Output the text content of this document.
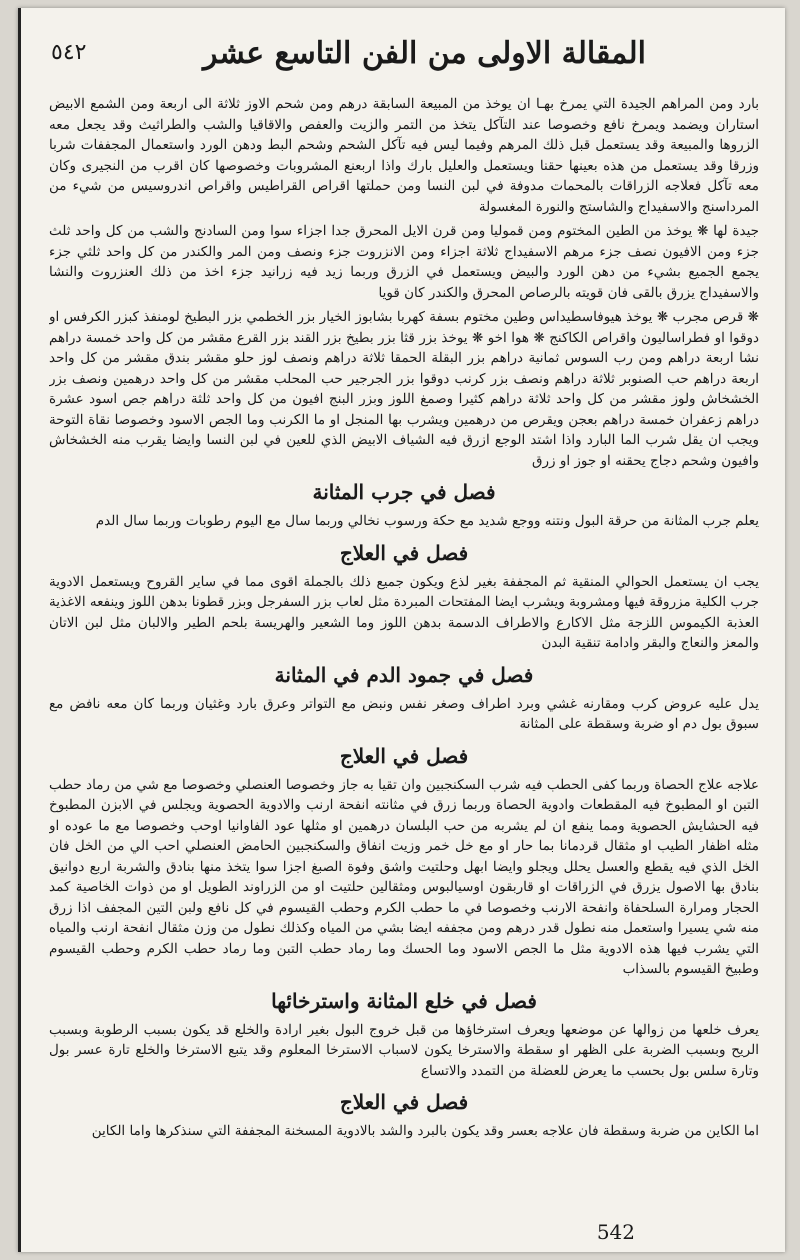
المقالة الاولى من الفن التاسع عشر
٥٤٢

بارد ومن المراهم الجيدة التي يمرخ بهـا ان يوخذ من المبيعة السابقة درهم ومن شحم الاوز ثلاثة الى اربعة ومن الشمع الابيض استاران ويضمد ويمرخ نافع وخصوصا عند التآكل يتخذ من التمر والزيت والعفص والاقاقيا والشب والطراثيث وقد يجعل معه الزروها والمبيعة وقد يستعمل قبل ذلك المرهم وفيما ليس فيه تآكل الشحم وشحم البط ودهن الورد واستعمال المجففات شربا وزرقا وقد يستعمل من هذه بعينها حقنا ويستعمل والعليل بارك واذا اربعنع المشروبات وخصوصها كان اقرب من النجيرى وكان معه تآكل فعلاجه الزراقات بالمحمات مدوفة في لبن النسا ومن حملتها اقراص القراطيس واقراص اندروسيس من شيء من المرداسنج والاسفيداج والشاستج والنورة المغسولة

جيدة لها ❋ يوخذ من الطين المختوم ومن قموليا ومن قرن الايل المحرق جدا اجزاء سوا ومن السادنج والشب من كل واحد ثلث جزء ومن الافيون نصف جزء مرهم الاسفيداج ثلاثة اجزاء ومن الانزروت جزء ونصف ومن المر والكندر من كل واحد ثلثي جزء يجمع الجميع بشيء من دهن الورد والبيض ويستعمل في الزرق وربما زيد فيه زرانيد جزء اخذ من ذلك العنزروت والنشا والاسفيداج يزرق بالقى فان قويته بالرصاص المحرق والكندر كان قويا

❋ قرص مجرب ❋ يوخذ هيوفاسطيداس وطين مختوم بسفة كهربا بشابوز الخيار بزر الخطمي بزر البطيخ لومنفذ كبزر الكرفس او دوقوا او فطراساليون واقراص الكاكنج ❋ هوا اخو ❋ يوخذ بزر قثا بزر بطيخ بزر القند بزر القرع مقشر من كل واحد خمسة دراهم نشا اربعة دراهم ومن رب السوس ثمانية دراهم بزر البقلة الحمقا ثلاثة دراهم ونصف لوز حلو مقشر بندق مقشر من كل واحد اربعة دراهم حب الصنوبر ثلاثة دراهم ونصف بزر كرنب دوقوا بزر الجرجير حب المحلب مقشر من كل واحد درهمين ونصف بزر الخشخاش ولوز مقشر من كل واحد ثلاثة دراهم كثيرا وصمغ اللوز وبزر البنج افيون من كل واحد ثلثة دراهم جص اسود عشرة دراهم زعفران خمسة دراهم بعجن ويقرص من درهمين ويشرب بها المنجل او ما الكرنب وما الجص الاسود وخصوصا نقاة التوحة ويجب ان يقل شرب الما البارد واذا اشتد الوجع ازرق فيه الشياف الابيض الذي للعين في لبن النسا وايضا يقرب منه الخشخاش وافيون وشحم دجاج يحقنه او جوز او زرق

فصل في جرب المثانة

يعلم جرب المثانة من حرقة البول ونتنه ووجع شديد مع حكة ورسوب نخالي وربما سال مع اليوم رطوبات وربما سال الدم

فصل في العلاج

يجب ان يستعمل الحوالي المنقية ثم المجففة بغير لذع ويكون جميع ذلك بالجملة اقوى مما في ساير القروح ويستعمل الادوية جرب الكلية مزروقة فيها ومشروبة ويشرب ايضا المفتحات المبردة مثل لعاب بزر السفرجل وبزر قطونا بدهن اللوز وينفعه الاغذية العذبة الكيموس اللزجة مثل الاكارع والاطراف الدسمة بدهن اللوز وما الشعير والهريسة بلحم الطير والالبان مثل لبن الاتان والمعز والنعاج والبقر وادامة تنقية البدن

فصل في جمود الدم في المثانة

يدل عليه عروض كرب ومقارنه غشي وبرد اطراف وصغر نفس ونبض مع التواتر وعرق بارد وغثيان وربما كان معه نافض مع سبوق بول دم او ضربة وسقطة على المثانة

فصل في العلاج

علاجه علاج الحصاة وربما كفى الحطب فيه شرب السكنجبين وان تقيا به جاز وخصوصا العنصلي وخصوصا مع شي من رماد حطب التبن او المطبوخ فيه المقطعات وادوية الحصاة وربما زرق في مثانته انفحة ارنب والادوية الحصوية ويجلس في الابزن المطبوخ فيه الحشايش الحصوية ومما ينفع ان لم يشربه من حب البلسان درهمين او مثلها عود الفاوانيا اوحب وخصوصا مع ما عوده او مثله اظفار الطيب او مثقال قردمانا بما حار او مع خل خمر وزيت انفاق والسكنجبين الحامض العنصلي احب الي من الخل فان الخل الذي فيه يقطع والعسل يحلل ويجلو وايضا ابهل وحلتيت واشق وفوة الصبغ اجزا سوا يتخذ منها بنادق والشربة اربع دوانيق بنادق بها الاصول يزرق في الزراقات او قاربقون اوسيالبوس ومثقالين حلتيت او من الزراوند الطويل او من ذوات الخاصية كمد الحجار ومرارة السلحفاة وانفحة الارنب وخصوصا في ما حطب الكرم وحطب القيسوم في كل نافع ولبن التين المجفف اذا زرق منه شي يسيرا واستعمل منه نطول قدر درهم ومن مجففه ايضا بشي من المياه وكذلك نطول من وزن مثقال انفحة ارنب والمياه التي يشرب فيها هذه الادوية مثل ما الجص الاسود وما الحسك وما رماد حطب التبن وما رماد حطب الكرم وحطب القيسوم وطبيخ القيسوم بالسذاب

فصل في خلع المثانة واسترخائها

يعرف خلعها من زوالها عن موضعها ويعرف استرخاؤها من قبل خروج البول بغير ارادة والخلع قد يكون بسبب الرطوبة وبسبب الريح وبسبب الضربة على الظهر او سقطة والاسترخا يكون لاسباب الاسترخا المعلوم وقد يتبع الاسترخا والخلع تارة عسر بول وتارة سلس بول بحسب ما يعرض للعضلة من التمدد والاتساع

فصل في العلاج

اما الكاين من ضربة وسقطة فان علاجه بعسر وقد يكون بالبرد والشد بالادوية المسخنة المجففة التي سنذكرها واما الكاين

542
